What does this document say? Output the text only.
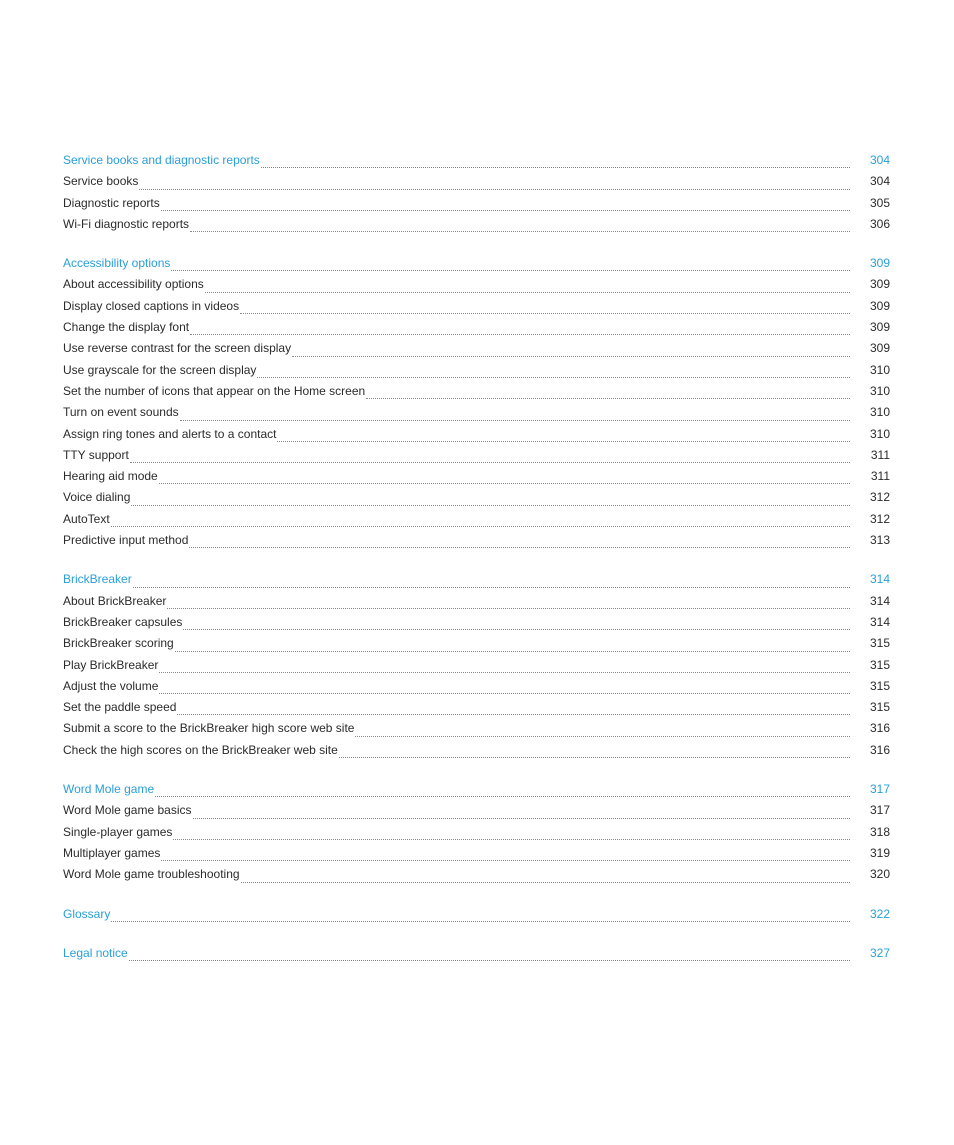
Service books and diagnostic reports	304
Service books	304
Diagnostic reports	305
Wi-Fi diagnostic reports	306
Accessibility options	309
About accessibility options	309
Display closed captions in videos	309
Change the display font	309
Use reverse contrast for the screen display	309
Use grayscale for the screen display	310
Set the number of icons that appear on the Home screen	310
Turn on event sounds	310
Assign ring tones and alerts to a contact	310
TTY support	311
Hearing aid mode	311
Voice dialing	312
AutoText	312
Predictive input method	313
BrickBreaker	314
About BrickBreaker	314
BrickBreaker capsules	314
BrickBreaker scoring	315
Play BrickBreaker	315
Adjust the volume	315
Set the paddle speed	315
Submit a score to the BrickBreaker high score web site	316
Check the high scores on the BrickBreaker web site	316
Word Mole game	317
Word Mole game basics	317
Single-player games	318
Multiplayer games	319
Word Mole game troubleshooting	320
Glossary	322
Legal notice	327
